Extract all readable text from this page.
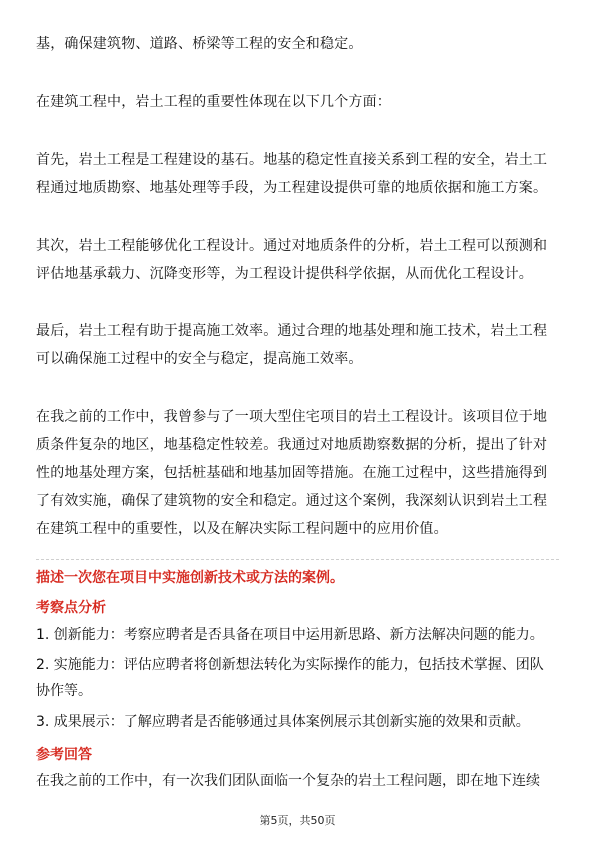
基，确保建筑物、道路、桥梁等工程的安全和稳定。
在建筑工程中，岩土工程的重要性体现在以下几个方面：
首先，岩土工程是工程建设的基石。地基的稳定性直接关系到工程的安全，岩土工
程通过地质勘察、地基处理等手段，为工程建设提供可靠的地质依据和施工方案。
其次，岩土工程能够优化工程设计。通过对地质条件的分析，岩土工程可以预测和
评估地基承载力、沉降变形等，为工程设计提供科学依据，从而优化工程设计。
最后，岩土工程有助于提高施工效率。通过合理的地基处理和施工技术，岩土工程
可以确保施工过程中的安全与稳定，提高施工效率。
在我之前的工作中，我曾参与了一项大型住宅项目的岩土工程设计。该项目位于地
质条件复杂的地区，地基稳定性较差。我通过对地质勘察数据的分析，提出了针对
性的地基处理方案，包括桩基础和地基加固等措施。在施工过程中，这些措施得到
了有效实施，确保了建筑物的安全和稳定。通过这个案例，我深刻认识到岩土工程
在建筑工程中的重要性，以及在解决实际工程问题中的应用价值。
描述一次您在项目中实施创新技术或方法的案例。
考察点分析
1. 创新能力：考察应聘者是否具备在项目中运用新思路、新方法解决问题的能力。
2. 实施能力：评估应聘者将创新想法转化为实际操作的能力，包括技术掌握、团队
协作等。
3. 成果展示：了解应聘者是否能够通过具体案例展示其创新实施的效果和贡献。
参考回答
在我之前的工作中，有一次我们团队面临一个复杂的岩土工程问题，即在地下连续
第5页，共50页
